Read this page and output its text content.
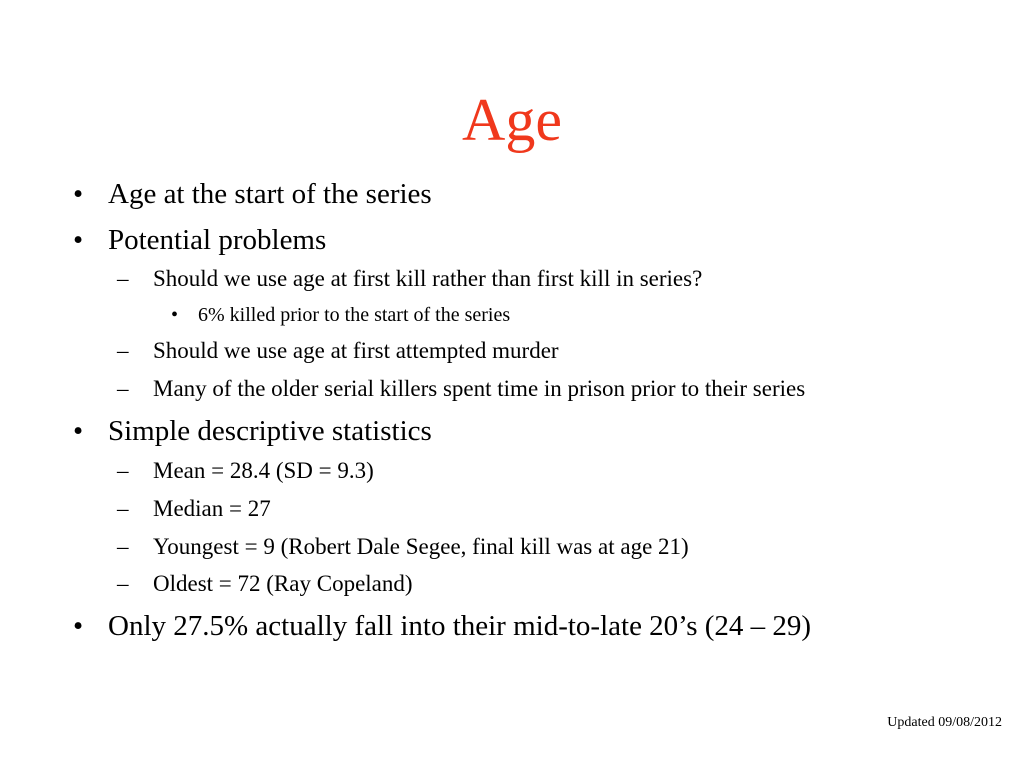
Age
• Age at the start of the series
• Potential problems
– Should we use age at first kill rather than first kill in series?
• 6% killed prior to the start of the series
– Should we use age at first attempted murder
– Many of the older serial killers spent time in prison prior to their series
• Simple descriptive statistics
– Mean = 28.4 (SD = 9.3)
– Median = 27
– Youngest = 9 (Robert Dale Segee, final kill was at age 21)
– Oldest = 72 (Ray Copeland)
• Only 27.5% actually fall into their mid-to-late 20’s (24 – 29)
Updated 09/08/2012
